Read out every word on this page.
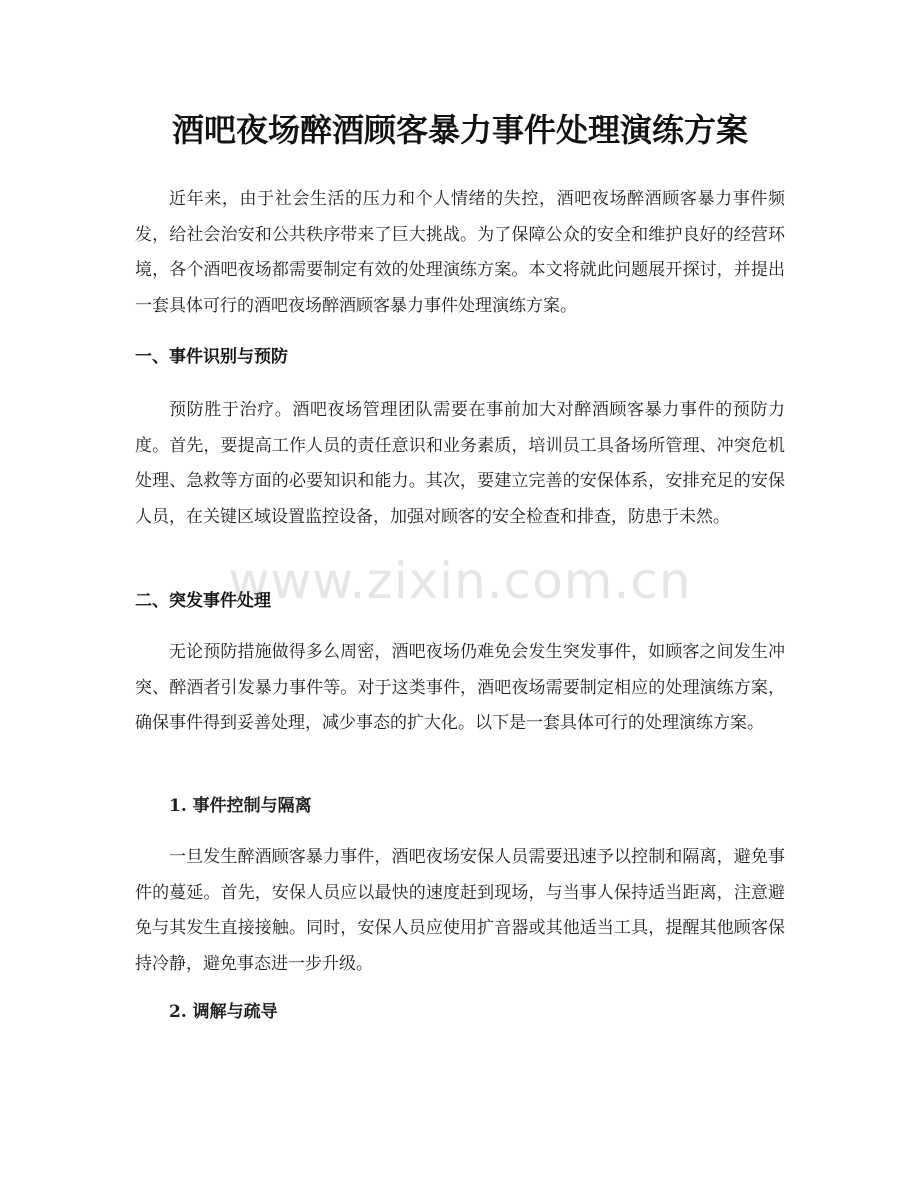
酒吧夜场醉酒顾客暴力事件处理演练方案

近年来，由于社会生活的压力和个人情绪的失控，酒吧夜场醉酒顾客暴力事件频发，给社会治安和公共秩序带来了巨大挑战。为了保障公众的安全和维护良好的经营环境，各个酒吧夜场都需要制定有效的处理演练方案。本文将就此问题展开探讨，并提出一套具体可行的酒吧夜场醉酒顾客暴力事件处理演练方案。

一、事件识别与预防

预防胜于治疗。酒吧夜场管理团队需要在事前加大对醉酒顾客暴力事件的预防力度。首先，要提高工作人员的责任意识和业务素质，培训员工具备场所管理、冲突危机处理、急救等方面的必要知识和能力。其次，要建立完善的安保体系，安排充足的安保人员，在关键区域设置监控设备，加强对顾客的安全检查和排查，防患于未然。

二、突发事件处理

无论预防措施做得多么周密，酒吧夜场仍难免会发生突发事件，如顾客之间发生冲突、醉酒者引发暴力事件等。对于这类事件，酒吧夜场需要制定相应的处理演练方案，确保事件得到妥善处理，减少事态的扩大化。以下是一套具体可行的处理演练方案。

1. 事件控制与隔离

一旦发生醉酒顾客暴力事件，酒吧夜场安保人员需要迅速予以控制和隔离，避免事件的蔓延。首先，安保人员应以最快的速度赶到现场，与当事人保持适当距离，注意避免与其发生直接接触。同时，安保人员应使用扩音器或其他适当工具，提醒其他顾客保持冷静，避免事态进一步升级。

2. 调解与疏导
www.zixin.com.cn
